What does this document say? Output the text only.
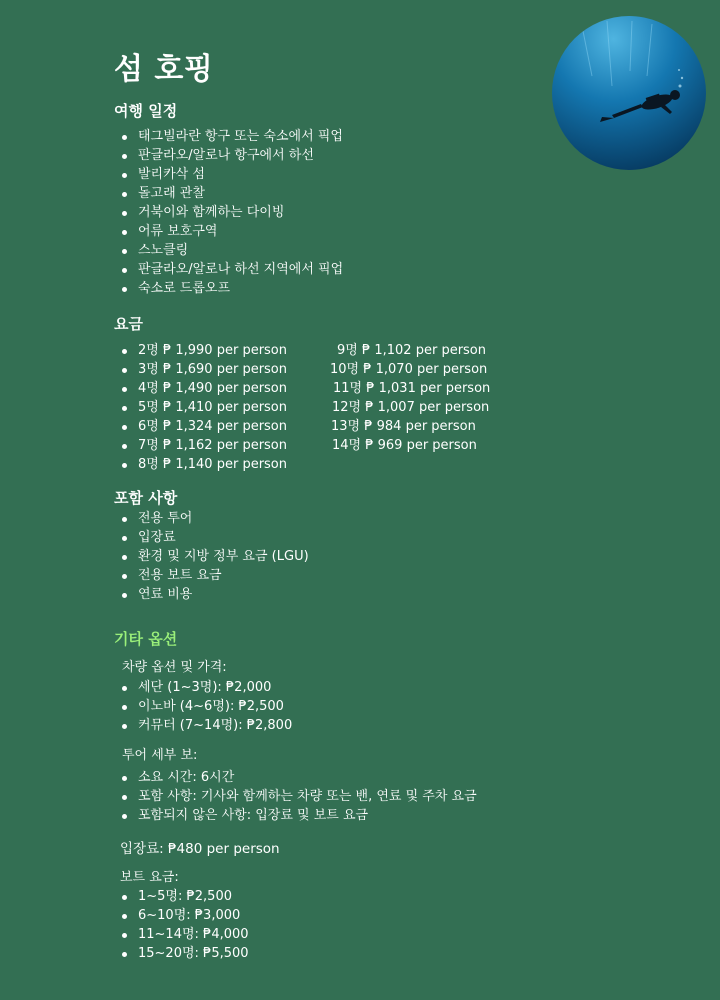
섬 호핑
여행 일정
태그빌라란 항구 또는 숙소에서 픽업
판글라오/알로나 항구에서 하선
발리카삭 섬
돌고래 관찰
거북이와 함께하는 다이빙
어류 보호구역
스노클링
판글라오/알로나 하선 지역에서 픽업
숙소로 드롭오프
요금
2명 ₱ 1,990 per person
3명 ₱ 1,690 per person
4명 ₱ 1,490 per person
5명 ₱ 1,410 per person
6명 ₱ 1,324 per person
7명 ₱ 1,162 per person
8명 ₱ 1,140 per person
9명 ₱ 1,102 per person
10명 ₱ 1,070 per person
11명 ₱ 1,031 per person
12명 ₱ 1,007 per person
13명 ₱ 984 per person
14명 ₱ 969 per person
포함 사항
전용 투어
입장료
환경 및 지방 정부 요금 (LGU)
전용 보트 요금
연료 비용
기타 옵션

차량 옵션 및 가격:

세단 (1~3명): ₱2,000
이노바 (4~6명): ₱2,500
커뮤터 (7~14명): ₱2,800

투어 세부 보:

소요 시간: 6시간
포함 사항: 기사와 함께하는 차량 또는 밴, 연료 및 주차 요금
포함되지 않은 사항: 입장료 및 보트 요금

입장료: ₱480 per person

보트 요금:

1~5명: ₱2,500
6~10명: ₱3,000
11~14명: ₱4,000
15~20명: ₱5,500
